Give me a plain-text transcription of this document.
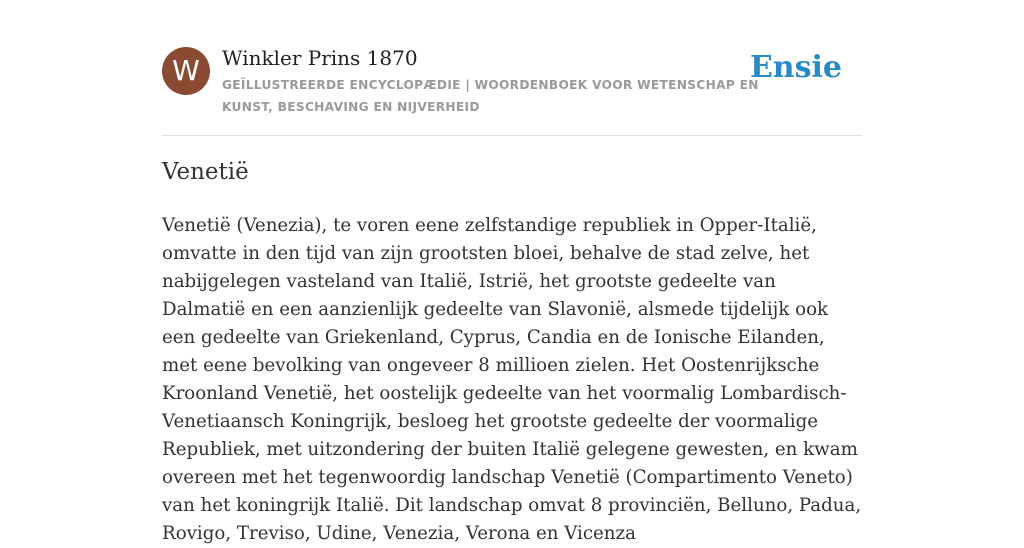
W	Winkler Prins 1870
GEÏLLUSTREERDE ENCYCLOPÆDIE | WOORDENBOEK VOOR WETENSCHAP EN KUNST, BESCHAVING EN NIJVERHEID
Ensie
Venetië

Venetië (Venezia), te voren eene zelfstandige republiek in Opper-Italië, omvatte in den tijd van zijn grootsten bloei, behalve de stad zelve, het nabijgelegen vasteland van Italië, Istrië, het grootste gedeelte van Dalmatië en een aanzienlijk gedeelte van Slavonië, alsmede tijdelijk ook een gedeelte van Griekenland, Cyprus, Candia en de Ionische Eilanden, met eene bevolking van ongeveer 8 millioen zielen. Het Oostenrijksche Kroonland Venetië, het oostelijk gedeelte van het voormalig Lombardisch-Venetiaansch Koningrijk, besloeg het grootste gedeelte der voormalige Republiek, met uitzondering der buiten Italië gelegene gewesten, en kwam overeen met het tegenwoordig landschap Venetië (Compartimento Veneto) van het koningrijk Italië. Dit landschap omvat 8 provinciën, Belluno, Padua, Rovigo, Treviso, Udine, Venezia, Verona en Vicenza
